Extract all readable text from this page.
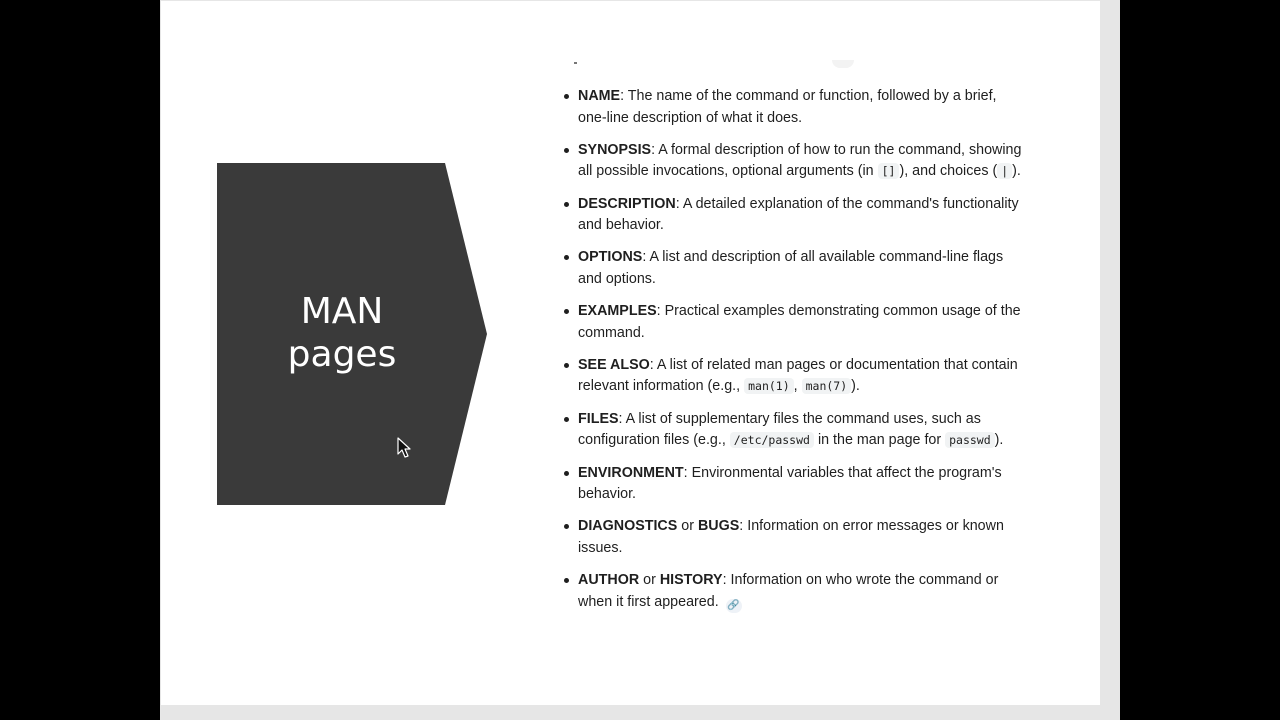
MAN
pages
NAME: The name of the command or function, followed by a brief, one-line description of what it does.
SYNOPSIS: A formal description of how to run the command, showing all possible invocations, optional arguments (in [] ), and choices ( | ).
DESCRIPTION: A detailed explanation of the command's functionality and behavior.
OPTIONS: A list and description of all available command-line flags and options.
EXAMPLES: Practical examples demonstrating common usage of the command.
SEE ALSO: A list of related man pages or documentation that contain relevant information (e.g., man(1) , man(7) ).
FILES: A list of supplementary files the command uses, such as configuration files (e.g., /etc/passwd in the man page for passwd ).
ENVIRONMENT: Environmental variables that affect the program's behavior.
DIAGNOSTICS or BUGS: Information on error messages or known issues.
AUTHOR or HISTORY: Information on who wrote the command or when it first appeared. 🔗
